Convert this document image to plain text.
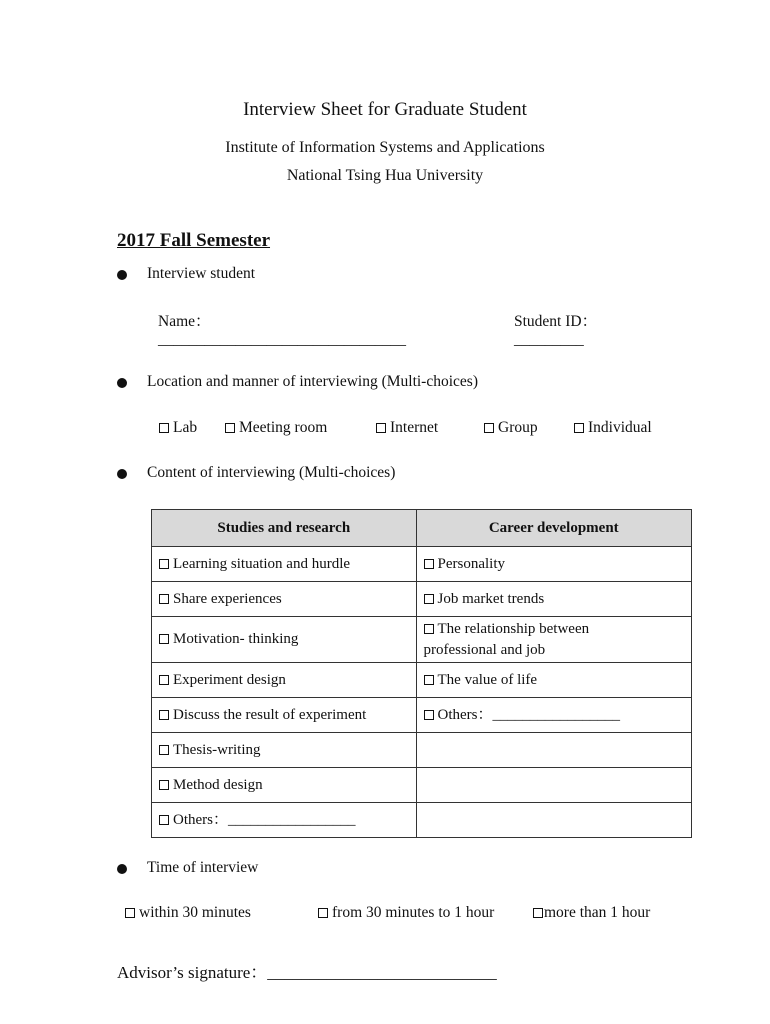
Interview Sheet for Graduate Student
Institute of Information Systems and Applications
National Tsing Hua University
2017 Fall Semester
Interview student
Name：
________________________________
Student ID：
_________
Location and manner of interviewing (Multi-choices)
Lab	Meeting room	Internet	Group	Individual
Content of interviewing (Multi-choices)
Studies and research	Career development
Learning situation and hurdle	Personality
Share experiences	Job market trends
Motivation- thinking	The relationship between professional and job
Experiment design	The value of life
Discuss the result of experiment	Others：_________________
Thesis-writing	
Method design	
Others：_________________	
Time of interview
within 30 minutes	from 30 minutes to 1 hour	more than 1 hour
Advisor’s signature：___________________________
